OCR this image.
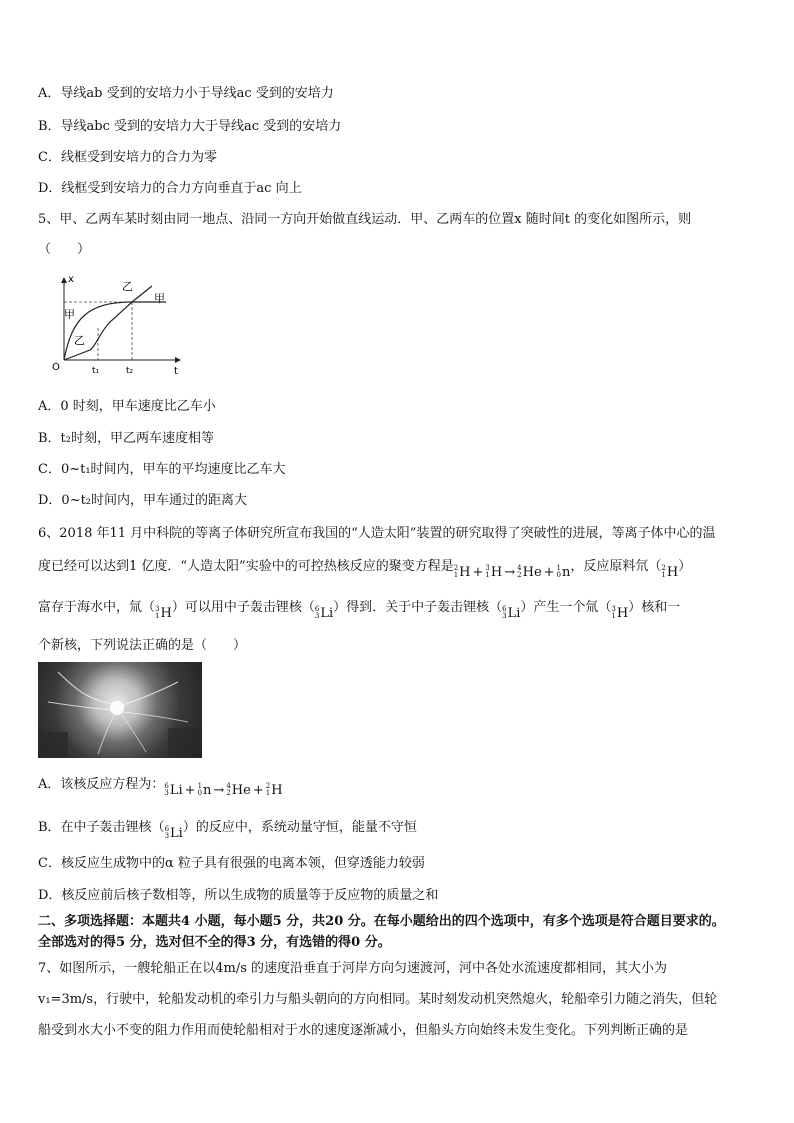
A．导线ab 受到的安培力小于导线ac 受到的安培力
B．导线abc 受到的安培力大于导线ac 受到的安培力
C．线框受到安培力的合力为零
D．线框受到安培力的合力方向垂直于ac 向上
5、甲、乙两车某时刻由同一地点、沿同一方向开始做直线运动．甲、乙两车的位置x 随时间t 的变化如图所示，则
（　　）
x
t
O	t₁	t₂
甲
乙
甲
乙
A．0 时刻，甲车速度比乙车小
B．t₂时刻，甲乙两车速度相等
C．0~t₁时间内，甲车的平均速度比乙车大
D．0~t₂时间内，甲车通过的距离大
6、2018 年11 月中科院的等离子体研究所宣布我国的“人造太阳”装置的研究取得了突破性的进展，等离子体中心的温
度已经可以达到1 亿度．“人造太阳”实验中的可控热核反应的聚变方程是 2
1 H + 3
1 H → 4
2 He + 1
0 n ，反应原料氘（ 2
1 H ）
富存于海水中，氚（ 3
1 H ）可以用中子轰击锂核（ 6
3 Li ）得到．关于中子轰击锂核（ 6
3 Li ）产生一个氚（ 3
1 H ）核和一
个新核，下列说法正确的是（　　）
A．该核反应方程为： 6
3 Li + 1
0 n → 4
2 He + 2
1 H
B．在中子轰击锂核（ 6
3 Li ）的反应中，系统动量守恒，能量不守恒
C．核反应生成物中的α 粒子具有很强的电离本领，但穿透能力较弱
D．核反应前后核子数相等，所以生成物的质量等于反应物的质量之和
二、多项选择题：本题共4 小题，每小题5 分，共20 分。在每小题给出的四个选项中，有多个选项是符合题目要求的。
全部选对的得5 分，选对但不全的得3 分，有选错的得0 分。
7、如图所示，一艘轮船正在以4m/s 的速度沿垂直于河岸方向匀速渡河，河中各处水流速度都相同，其大小为
v₁=3m/s，行驶中，轮船发动机的牵引力与船头朝向的方向相同。某时刻发动机突然熄火，轮船牵引力随之消失，但轮
船受到水大小不变的阻力作用而使轮船相对于水的速度逐渐减小，但船头方向始终未发生变化。下列判断正确的是
